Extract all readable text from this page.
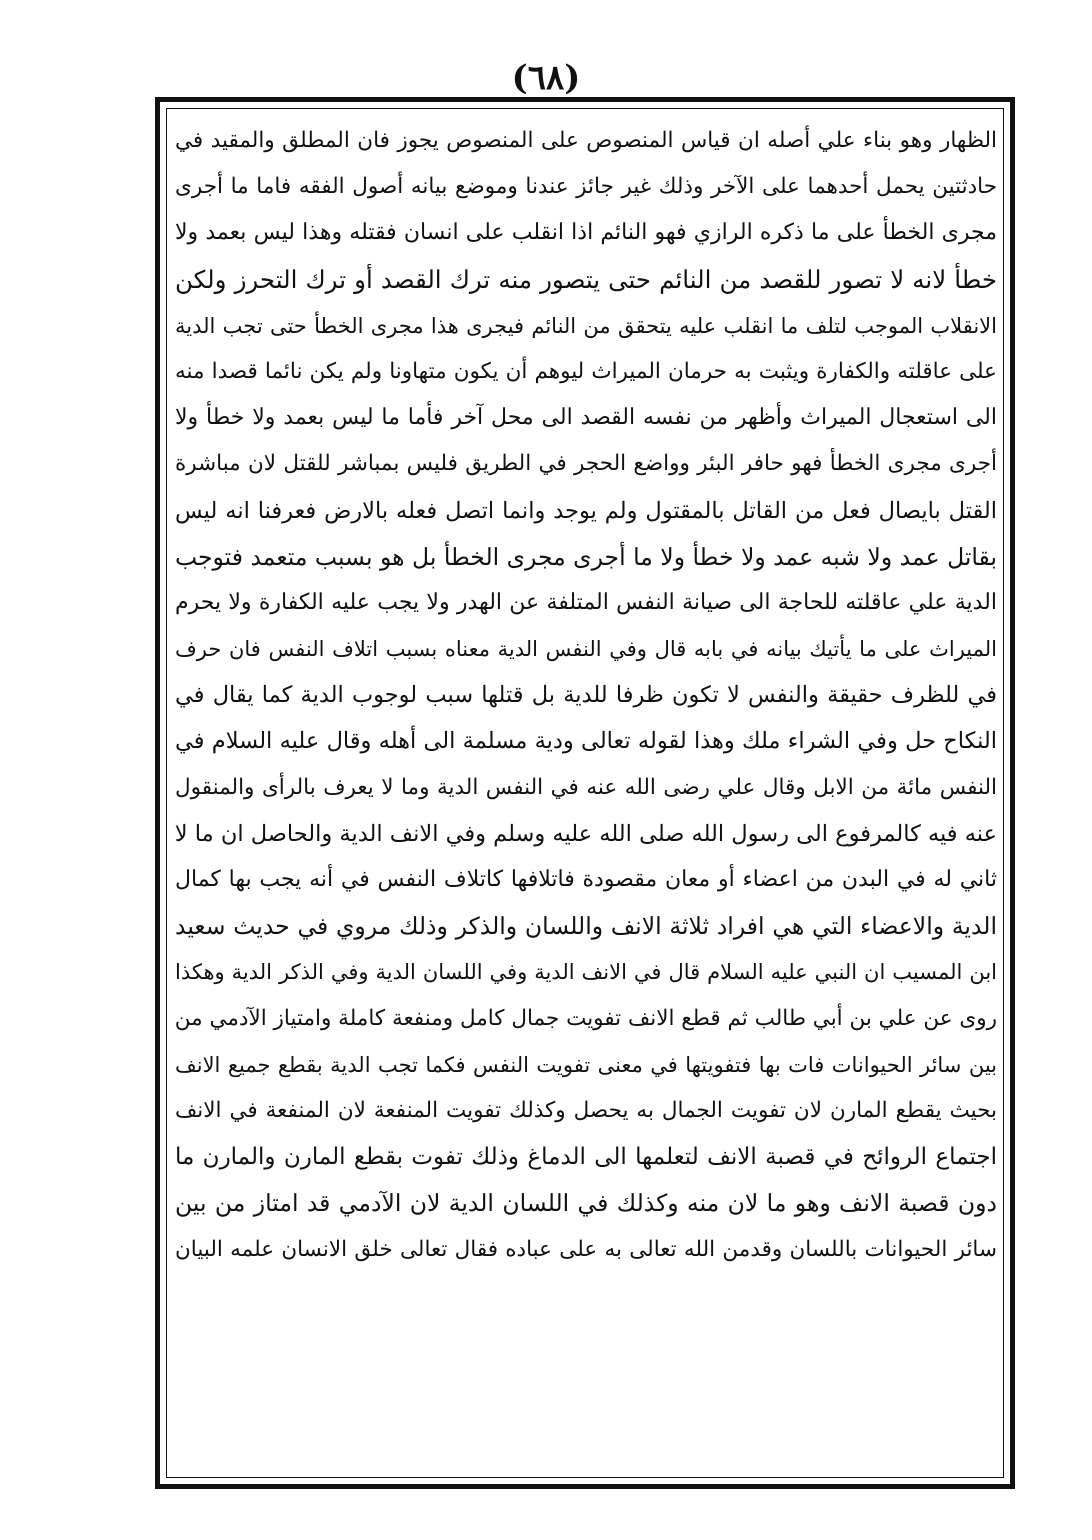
(٦٨)
الظهار وهو بناء علي أصله ان قياس المنصوص على المنصوص يجوز فان المطلق والمقيد في
حادثتين يحمل أحدهما على الآخر وذلك غير جائز عندنا وموضع بيانه أصول الفقه فاما ما أجرى
مجرى الخطأ على ما ذكره الرازي فهو النائم اذا انقلب على انسان فقتله وهذا ليس بعمد ولا
خطأ لانه لا تصور للقصد من النائم حتى يتصور منه ترك القصد أو ترك التحرز ولكن
الانقلاب الموجب لتلف ما انقلب عليه يتحقق من النائم فيجرى هذا مجرى الخطأ حتى تجب الدية
على عاقلته والكفارة ويثبت به حرمان الميراث ليوهم أن يكون متهاونا ولم يكن نائما قصدا منه
الى استعجال الميراث وأظهر من نفسه القصد الى محل آخر فأما ما ليس بعمد ولا خطأ ولا
أجرى مجرى الخطأ فهو حافر البئر وواضع الحجر في الطريق فليس بمباشر للقتل لان مباشرة
القتل بايصال فعل من القاتل بالمقتول ولم يوجد وانما اتصل فعله بالارض فعرفنا انه ليس
بقاتل عمد ولا شبه عمد ولا خطأ ولا ما أجرى مجرى الخطأ بل هو بسبب متعمد فتوجب
الدية علي عاقلته للحاجة الى صيانة النفس المتلفة عن الهدر ولا يجب عليه الكفارة ولا يحرم
الميراث على ما يأتيك بيانه في بابه قال وفي النفس الدية معناه بسبب اتلاف النفس فان حرف
في للظرف حقيقة والنفس لا تكون ظرفا للدية بل قتلها سبب لوجوب الدية كما يقال في
النكاح حل وفي الشراء ملك وهذا لقوله تعالى ودية مسلمة الى أهله وقال عليه السلام في
النفس مائة من الابل وقال علي رضى الله عنه في النفس الدية وما لا يعرف بالرأى والمنقول
عنه فيه كالمرفوع الى رسول الله صلى الله عليه وسلم وفي الانف الدية والحاصل ان ما لا
ثاني له في البدن من اعضاء أو معان مقصودة فاتلافها كاتلاف النفس في أنه يجب بها كمال
الدية والاعضاء التي هي افراد ثلاثة الانف واللسان والذكر وذلك مروي في حديث سعيد
ابن المسيب ان النبي عليه السلام قال في الانف الدية وفي اللسان الدية وفي الذكر الدية وهكذا
روى عن علي بن أبي طالب ثم قطع الانف تفويت جمال كامل ومنفعة كاملة وامتياز الآدمي من
بين سائر الحيوانات فات بها فتفويتها في معنى تفويت النفس فكما تجب الدية بقطع جميع الانف
بحيث يقطع المارن لان تفويت الجمال به يحصل وكذلك تفويت المنفعة لان المنفعة في الانف
اجتماع الروائح في قصبة الانف لتعلمها الى الدماغ وذلك تفوت بقطع المارن والمارن ما
دون قصبة الانف وهو ما لان منه وكذلك في اللسان الدية لان الآدمي قد امتاز من بين
سائر الحيوانات باللسان وقدمن الله تعالى به على عباده فقال تعالى خلق الانسان علمه البيان
